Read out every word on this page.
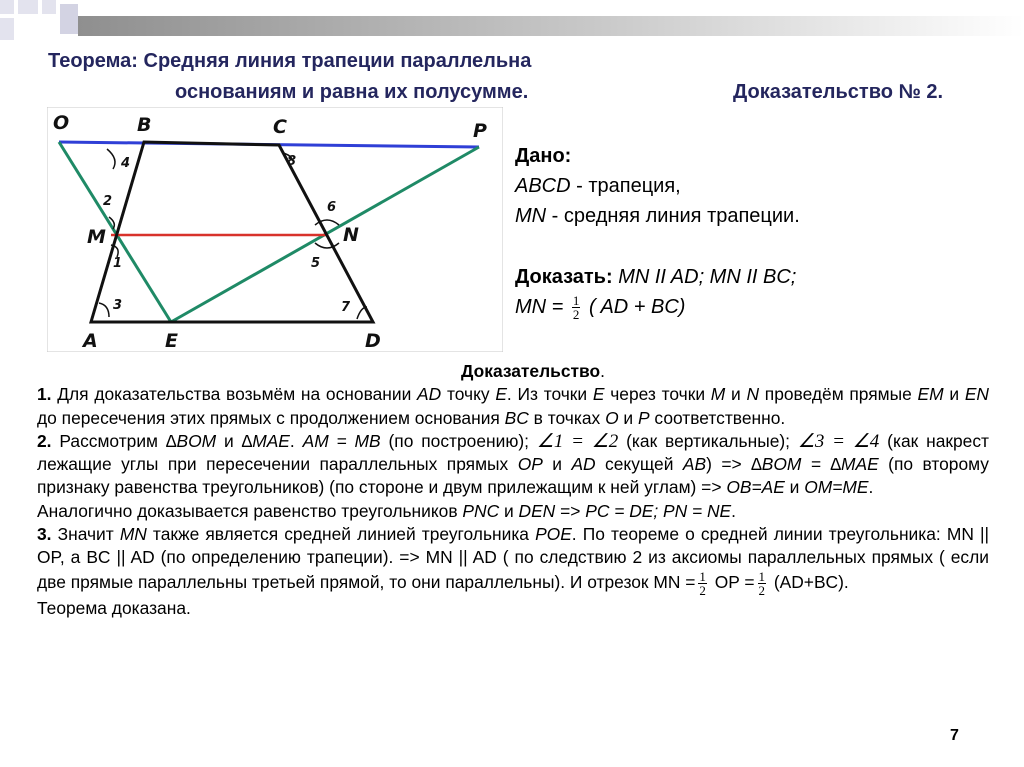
Теорема: Средняя линия трапеции параллельна
основаниям и равна их полусумме.	Доказательство № 2.
O	B	C	P
M	N
A	E	D
4
2
1
3
8
6
5
7
Дано:
ABCD - трапеция,
MN - средняя линия трапеции.
Доказать: MN II AD; MN II BC;
MN = $\frac{1}{2}$ ( AD + BC)

Доказательство.

1. Для доказательства возьмём на основании AD точку E. Из точки E через точки M и N проведём прямые EM и EN до пересечения этих прямых с продолжением основания BC в точках O и P соответственно.

2. Рассмотрим ∆BOM и ∆MAE. AM = MB (по построению); ∠1 = ∠2 (как вертикальные); ∠3 = ∠4 (как накрест лежащие углы при пересечении параллельных прямых OP и AD секущей AB) => ∆BOM = ∆MAE (по второму признаку равенства треугольников) (по стороне и двум прилежащим к ней углам) => OB=AE и OM=ME.

Аналогично доказывается равенство треугольников PNC и DEN => PC = DE; PN = NE.

3. Значит MN также является средней линией треугольника POE. По теореме о средней линии треугольника: MN || OP, а BC || AD (по определению трапеции). => MN || AD ( по следствию 2 из аксиомы параллельных прямых ( если две прямые параллельны третьей прямой, то они параллельны). И отрезок MN = $\frac{1}{2}$ OP = $\frac{1}{2} (AD+BC)$.

Теорема доказана.

7
